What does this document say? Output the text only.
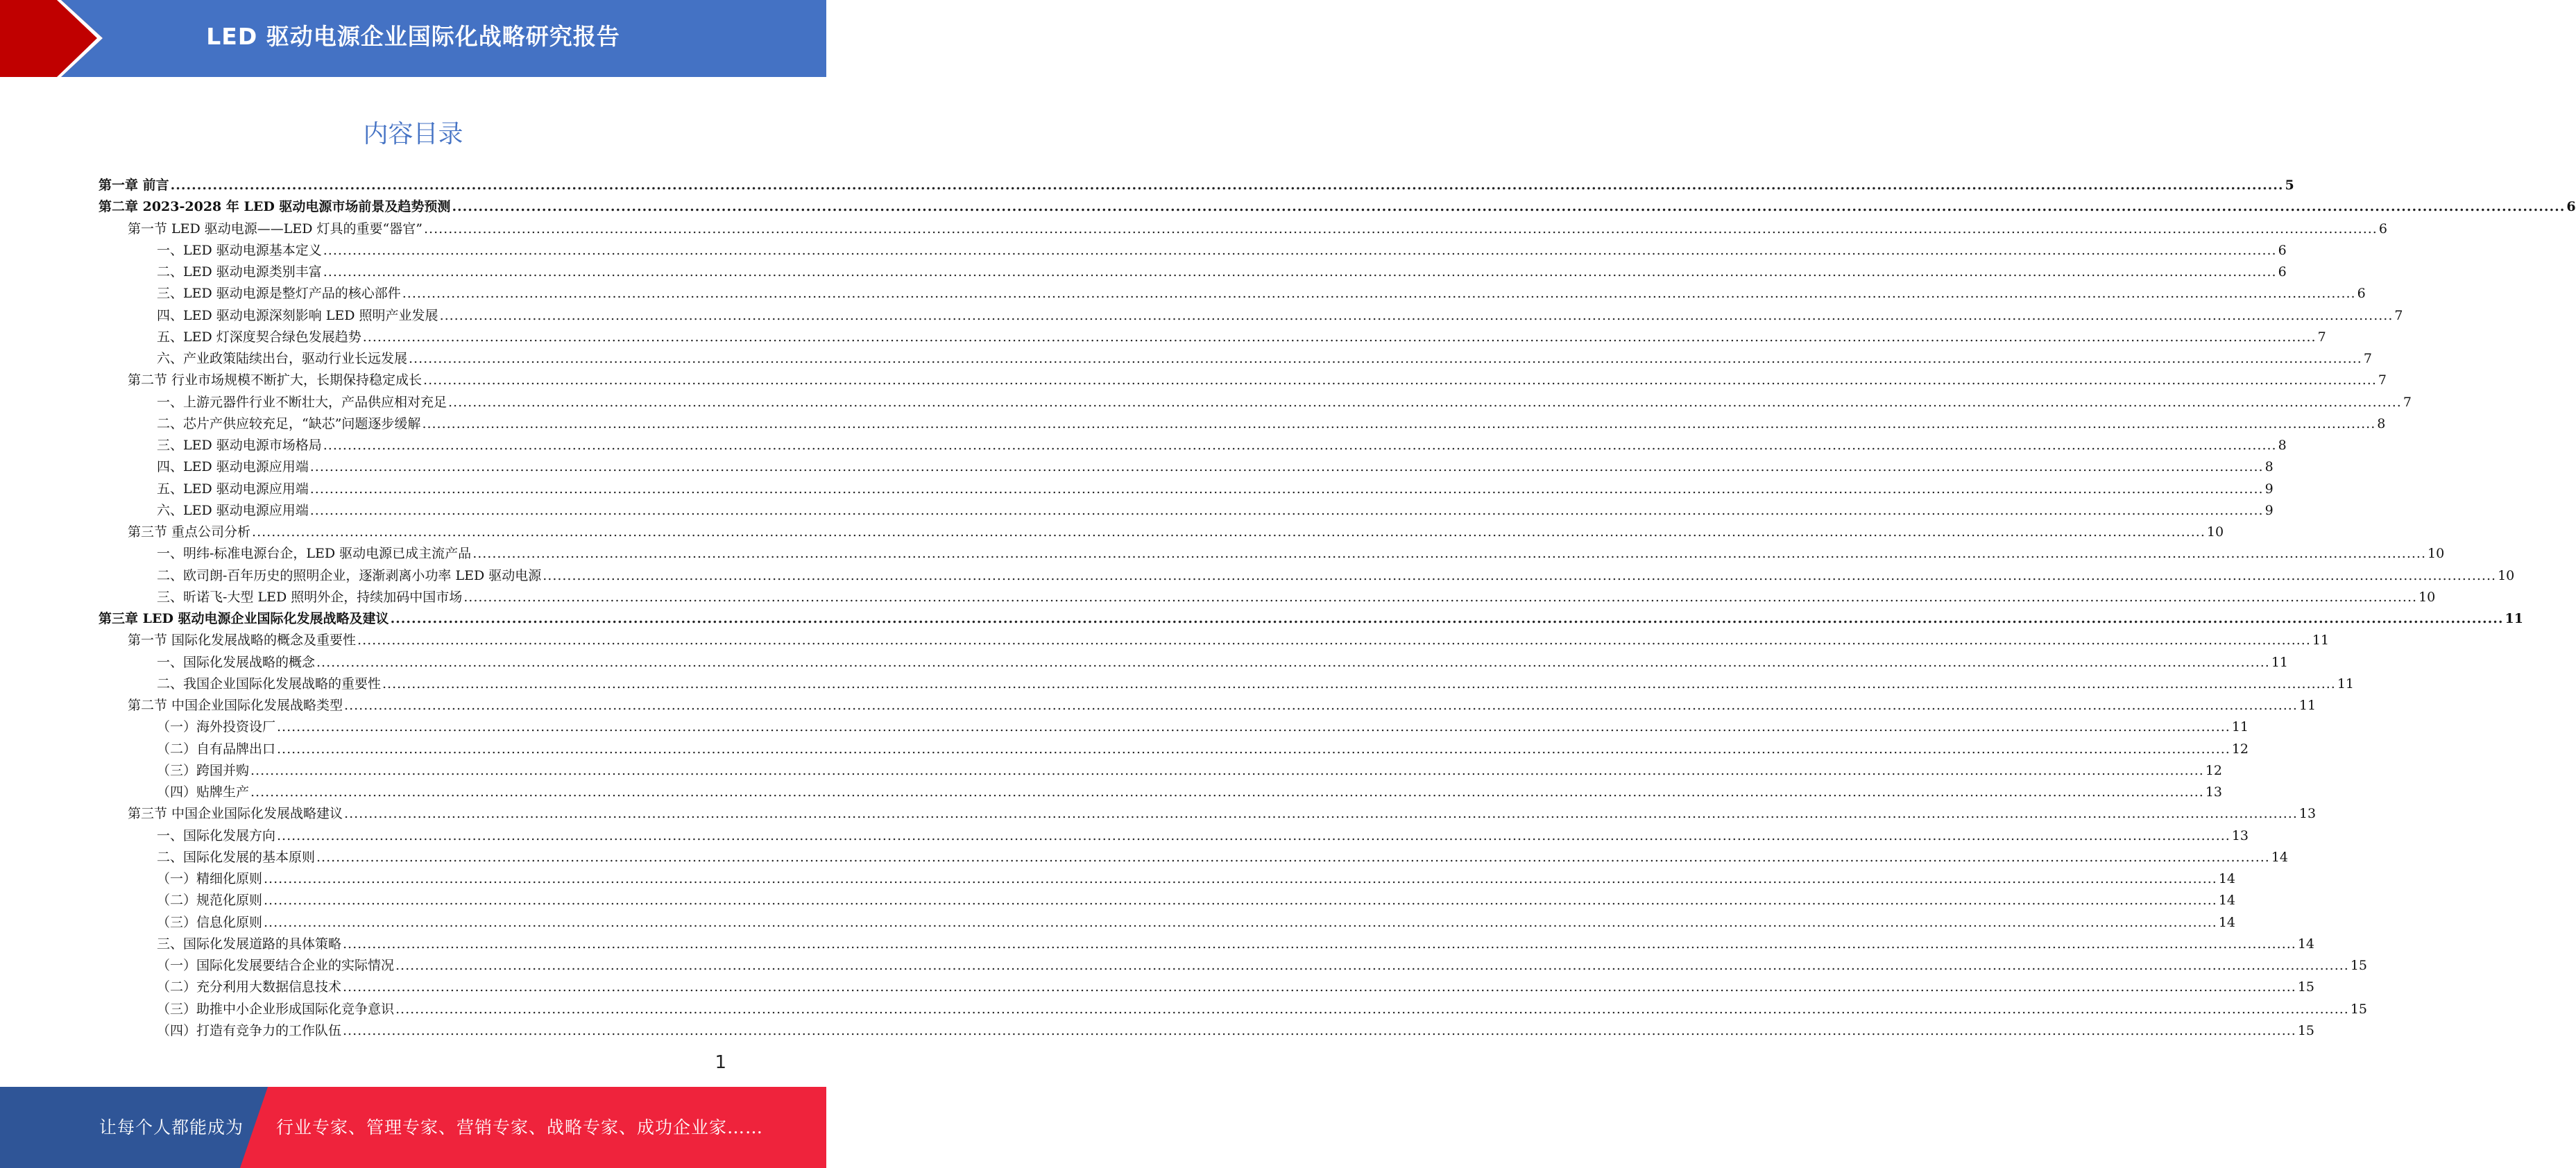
LED 驱动电源企业国际化战略研究报告
内容目录
第一章 前言 ................................................................................................................................................................................................................................................................................................................................................................................................................ 5
第二章 2023-2028 年 LED 驱动电源市场前景及趋势预测 ................................................................................................................................................................................................................................................................................................................................................................................................................ 6
第一节 LED 驱动电源——LED 灯具的重要“器官” ................................................................................................................................................................................................................................................................................................................................................................................................................ 6
一、LED 驱动电源基本定义 ................................................................................................................................................................................................................................................................................................................................................................................................................ 6
二、LED 驱动电源类别丰富 ................................................................................................................................................................................................................................................................................................................................................................................................................ 6
三、LED 驱动电源是整灯产品的核心部件 ................................................................................................................................................................................................................................................................................................................................................................................................................ 6
四、LED 驱动电源深刻影响 LED 照明产业发展 ................................................................................................................................................................................................................................................................................................................................................................................................................ 7
五、LED 灯深度契合绿色发展趋势 ................................................................................................................................................................................................................................................................................................................................................................................................................ 7
六、产业政策陆续出台，驱动行业长远发展 ................................................................................................................................................................................................................................................................................................................................................................................................................ 7
第二节 行业市场规模不断扩大，长期保持稳定成长 ................................................................................................................................................................................................................................................................................................................................................................................................................ 7
一、上游元器件行业不断壮大，产品供应相对充足 ................................................................................................................................................................................................................................................................................................................................................................................................................ 7
二、芯片产供应较充足，“缺芯”问题逐步缓解 ................................................................................................................................................................................................................................................................................................................................................................................................................ 8
三、LED 驱动电源市场格局 ................................................................................................................................................................................................................................................................................................................................................................................................................ 8
四、LED 驱动电源应用端 ................................................................................................................................................................................................................................................................................................................................................................................................................ 8
五、LED 驱动电源应用端 ................................................................................................................................................................................................................................................................................................................................................................................................................ 9
六、LED 驱动电源应用端 ................................................................................................................................................................................................................................................................................................................................................................................................................ 9
第三节 重点公司分析 ................................................................................................................................................................................................................................................................................................................................................................................................................ 10
一、明纬-标准电源台企，LED 驱动电源已成主流产品 ................................................................................................................................................................................................................................................................................................................................................................................................................ 10
二、欧司朗-百年历史的照明企业，逐渐剥离小功率 LED 驱动电源 ................................................................................................................................................................................................................................................................................................................................................................................................................ 10
三、昕诺飞-大型 LED 照明外企，持续加码中国市场 ................................................................................................................................................................................................................................................................................................................................................................................................................ 10
第三章 LED 驱动电源企业国际化发展战略及建议 ................................................................................................................................................................................................................................................................................................................................................................................................................ 11
第一节 国际化发展战略的概念及重要性 ................................................................................................................................................................................................................................................................................................................................................................................................................ 11
一、国际化发展战略的概念 ................................................................................................................................................................................................................................................................................................................................................................................................................ 11
二、我国企业国际化发展战略的重要性 ................................................................................................................................................................................................................................................................................................................................................................................................................ 11
第二节 中国企业国际化发展战略类型 ................................................................................................................................................................................................................................................................................................................................................................................................................ 11
（一）海外投资设厂 ................................................................................................................................................................................................................................................................................................................................................................................................................ 11
（二）自有品牌出口 ................................................................................................................................................................................................................................................................................................................................................................................................................ 12
（三）跨国并购 ................................................................................................................................................................................................................................................................................................................................................................................................................ 12
（四）贴牌生产 ................................................................................................................................................................................................................................................................................................................................................................................................................ 13
第三节 中国企业国际化发展战略建议 ................................................................................................................................................................................................................................................................................................................................................................................................................ 13
一、国际化发展方向 ................................................................................................................................................................................................................................................................................................................................................................................................................ 13
二、国际化发展的基本原则 ................................................................................................................................................................................................................................................................................................................................................................................................................ 14
（一）精细化原则 ................................................................................................................................................................................................................................................................................................................................................................................................................ 14
（二）规范化原则 ................................................................................................................................................................................................................................................................................................................................................................................................................ 14
（三）信息化原则 ................................................................................................................................................................................................................................................................................................................................................................................................................ 14
三、国际化发展道路的具体策略 ................................................................................................................................................................................................................................................................................................................................................................................................................ 14
（一）国际化发展要结合企业的实际情况 ................................................................................................................................................................................................................................................................................................................................................................................................................ 15
（二）充分利用大数据信息技术 ................................................................................................................................................................................................................................................................................................................................................................................................................ 15
（三）助推中小企业形成国际化竞争意识 ................................................................................................................................................................................................................................................................................................................................................................................................................ 15
（四）打造有竞争力的工作队伍 ................................................................................................................................................................................................................................................................................................................................................................................................................ 15
1
让每个人都能成为 行业专家、管理专家、营销专家、战略专家、成功企业家……
